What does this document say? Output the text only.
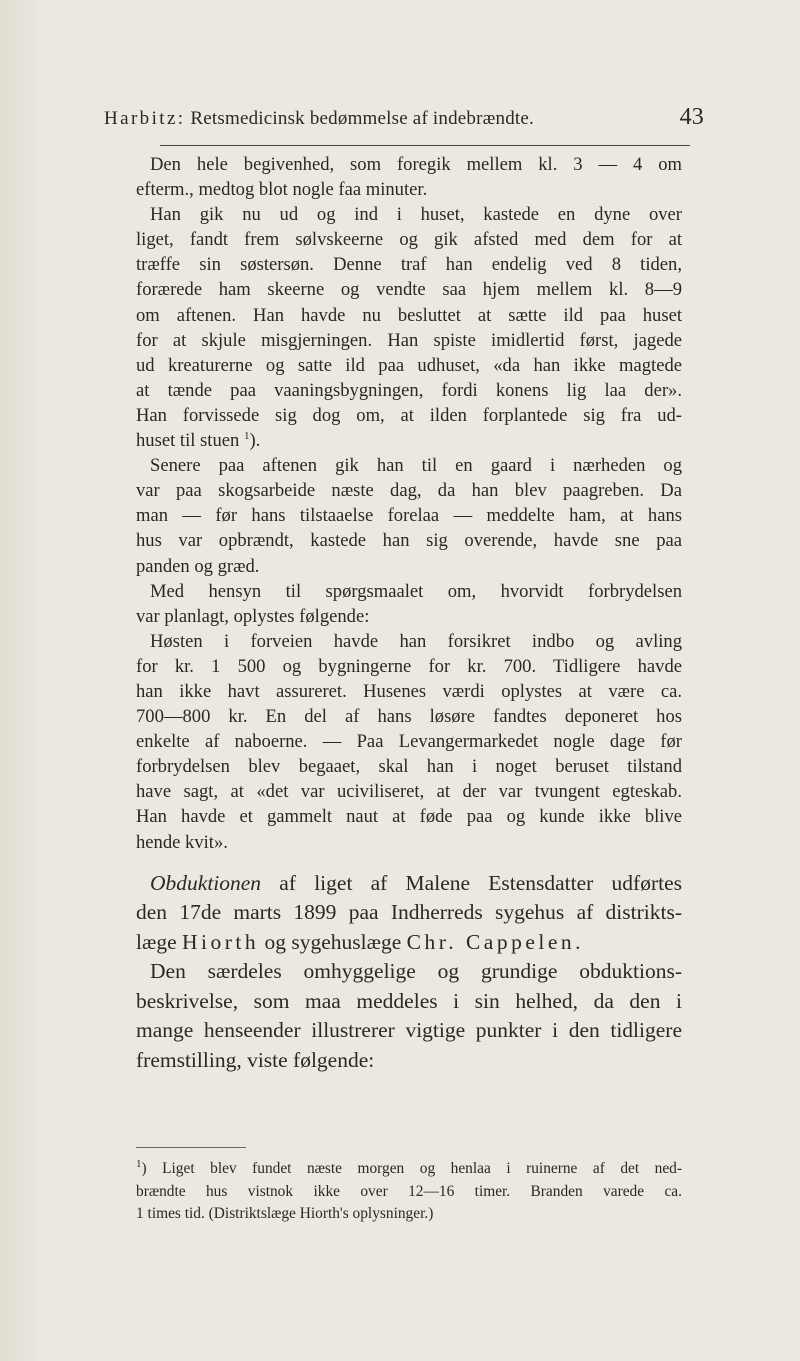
Harbitz: Retsmedicinsk bedømmelse af indebrændte.	43

Den hele begivenhed, som foregik mellem kl. 3 — 4 om

efterm., medtog blot nogle faa minuter.

Han gik nu ud og ind i huset, kastede en dyne over

liget, fandt frem sølvskeerne og gik afsted med dem for at

træffe sin søstersøn. Denne traf han endelig ved 8 tiden,

forærede ham skeerne og vendte saa hjem mellem kl. 8—9

om aftenen. Han havde nu besluttet at sætte ild paa huset

for at skjule misgjerningen. Han spiste imidlertid først, jagede

ud kreaturerne og satte ild paa udhuset, «da han ikke magtede

at tænde paa vaaningsbygningen, fordi konens lig laa der».

Han forvissede sig dog om, at ilden forplantede sig fra ud-

huset til stuen $^1$).

Senere paa aftenen gik han til en gaard i nærheden og

var paa skogsarbeide næste dag, da han blev paagreben. Da

man — før hans tilstaaelse forelaa — meddelte ham, at hans

hus var opbrændt, kastede han sig overende, havde sne paa

panden og græd.

Med hensyn til spørgsmaalet om, hvorvidt forbrydelsen

var planlagt, oplystes følgende:

Høsten i forveien havde han forsikret indbo og avling

for kr. 1 500 og bygningerne for kr. 700. Tidligere havde

han ikke havt assureret. Husenes værdi oplystes at være ca.

700—800 kr. En del af hans løsøre fandtes deponeret hos

enkelte af naboerne. — Paa Levangermarkedet nogle dage før

forbrydelsen blev begaaet, skal han i noget beruset tilstand

have sagt, at «det var uciviliseret, at der var tvungent egteskab.

Han havde et gammelt naut at føde paa og kunde ikke blive

hende kvit».

Obduktionen af liget af Malene Estensdatter udførtes

den 17de marts 1899 paa Indherreds sygehus af distrikts-

læge Hiorth og sygehuslæge Chr. Cappelen.

Den særdeles omhyggelige og grundige obduktions-

beskrivelse, som maa meddeles i sin helhed, da den i

mange henseender illustrerer vigtige punkter i den tidligere

fremstilling, viste følgende:

$^1$) Liget blev fundet næste morgen og henlaa i ruinerne af det ned-
brændte hus vistnok ikke over 12—16 timer. Branden varede ca.
1 times tid. (Distriktslæge Hiorth's oplysninger.)
